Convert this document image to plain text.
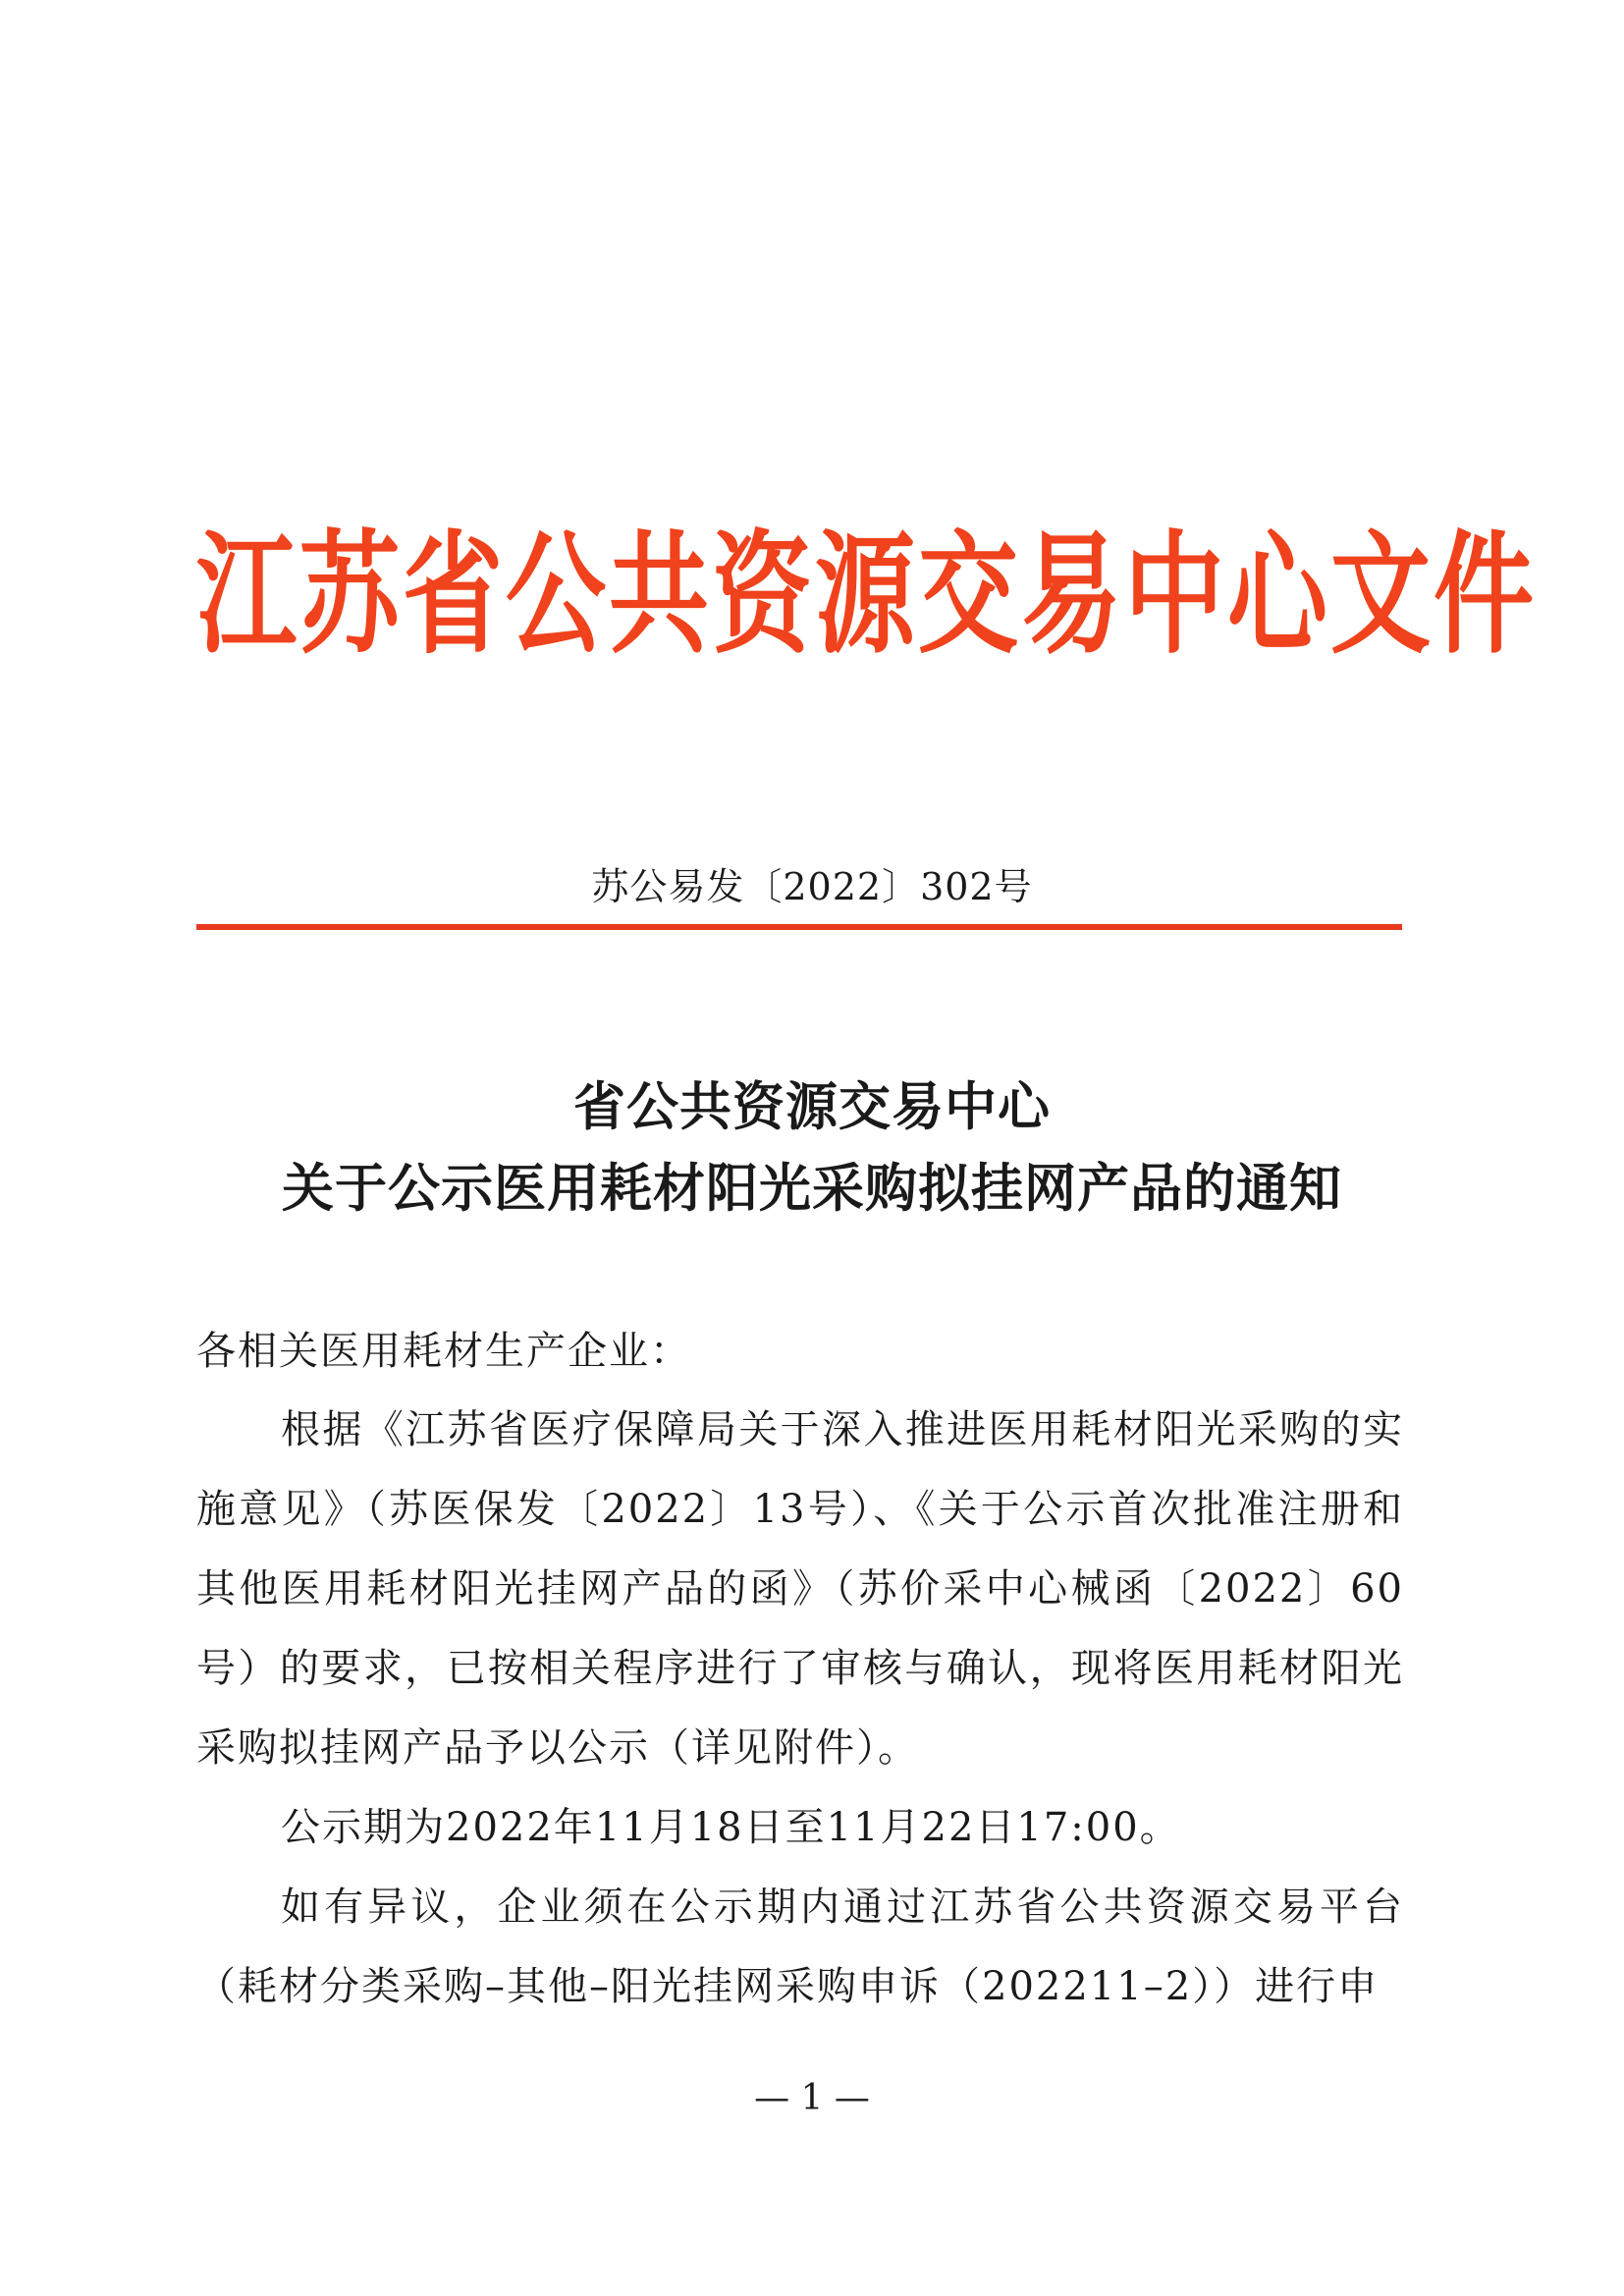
江苏省公共资源交易中心文件
苏公易发〔2022〕302号
省公共资源交易中心
关于公示医用耗材阳光采购拟挂网产品的通知

各相关医用耗材生产企业：

根据《江苏省医疗保障局关于深入推进医用耗材阳光采购的实施意见》（苏医保发〔2022〕13号）、《关于公示首次批准注册和其他医用耗材阳光挂网产品的函》（苏价采中心械函〔2022〕60号）的要求，已按相关程序进行了审核与确认，现将医用耗材阳光采购拟挂网产品予以公示（详见附件）。

公示期为2022年11月18日至11月22日17:00。

如有异议，企业须在公示期内通过江苏省公共资源交易平台（耗材分类采购–其他–阳光挂网采购申诉（202211–2））进行申

— 1 —
